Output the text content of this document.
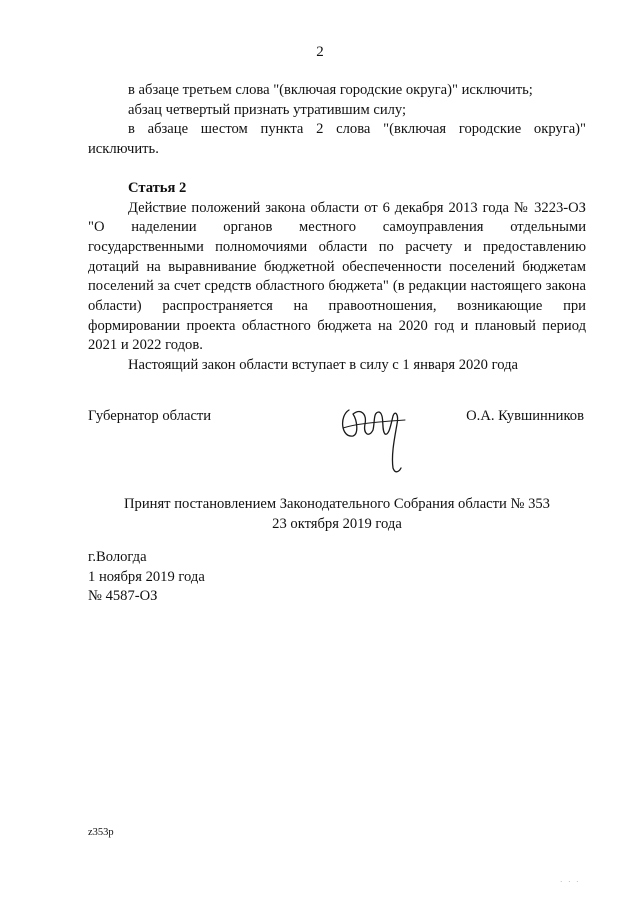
2

в абзаце третьем слова "(включая городские округа)" исключить;

абзац четвертый признать утратившим силу;

в абзаце шестом пункта 2 слова "(включая городские округа)" исключить.

Статья 2

Действие положений закона области от 6 декабря 2013 года № 3223-ОЗ "О наделении органов местного самоуправления отдельными государственными полномочиями области по расчету и предоставлению дотаций на выравнивание бюджетной обеспеченности поселений бюджетам поселений за счет средств областного бюджета" (в редакции настоящего закона области) распространяется на правоотношения, возникающие при формировании проекта областного бюджета на 2020 год и плановый период 2021 и 2022 годов.

Настоящий закон области вступает в силу с 1 января 2020 года

Губернатор области	О.А. Кувшинников

Принят постановлением Законодательного Собрания области № 353

23 октября 2019 года

г.Вологда

1 ноября 2019 года

№ 4587-ОЗ

z353p
· · ·
